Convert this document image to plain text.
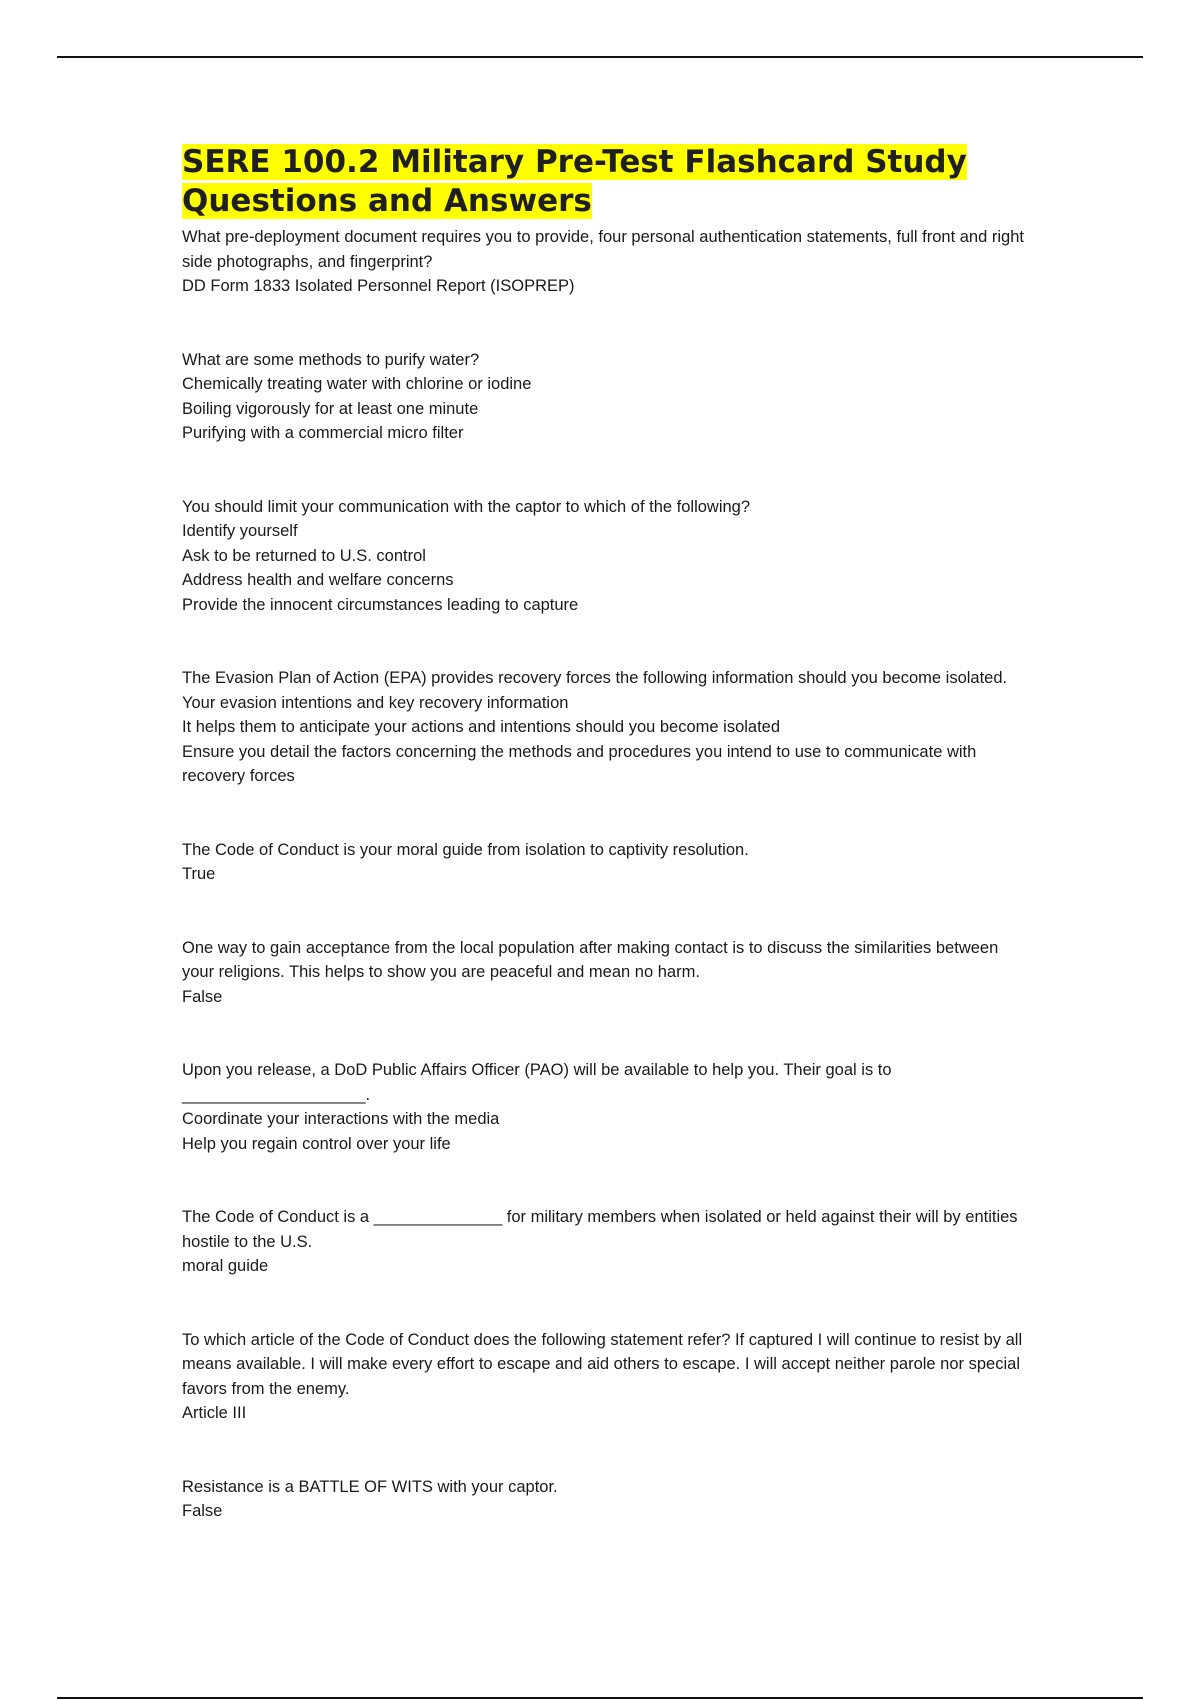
SERE 100.2 Military Pre-Test Flashcard Study Questions and Answers

What pre-deployment document requires you to provide, four personal authentication statements, full front and right side photographs, and fingerprint?

DD Form 1833 Isolated Personnel Report (ISOPREP)

What are some methods to purify water?

Chemically treating water with chlorine or iodine

Boiling vigorously for at least one minute

Purifying with a commercial micro filter

You should limit your communication with the captor to which of the following?

Identify yourself

Ask to be returned to U.S. control

Address health and welfare concerns

Provide the innocent circumstances leading to capture

The Evasion Plan of Action (EPA) provides recovery forces the following information should you become isolated.

Your evasion intentions and key recovery information

It helps them to anticipate your actions and intentions should you become isolated

Ensure you detail the factors concerning the methods and procedures you intend to use to communicate with recovery forces

The Code of Conduct is your moral guide from isolation to captivity resolution.

True

One way to gain acceptance from the local population after making contact is to discuss the similarities between your religions. This helps to show you are peaceful and mean no harm.

False

Upon you release, a DoD Public Affairs Officer (PAO) will be available to help you. Their goal is to ____________________.

Coordinate your interactions with the media

Help you regain control over your life

The Code of Conduct is a ______________ for military members when isolated or held against their will by entities hostile to the U.S.

moral guide

To which article of the Code of Conduct does the following statement refer? If captured I will continue to resist by all means available. I will make every effort to escape and aid others to escape. I will accept neither parole nor special favors from the enemy.

Article III

Resistance is a BATTLE OF WITS with your captor.

False
